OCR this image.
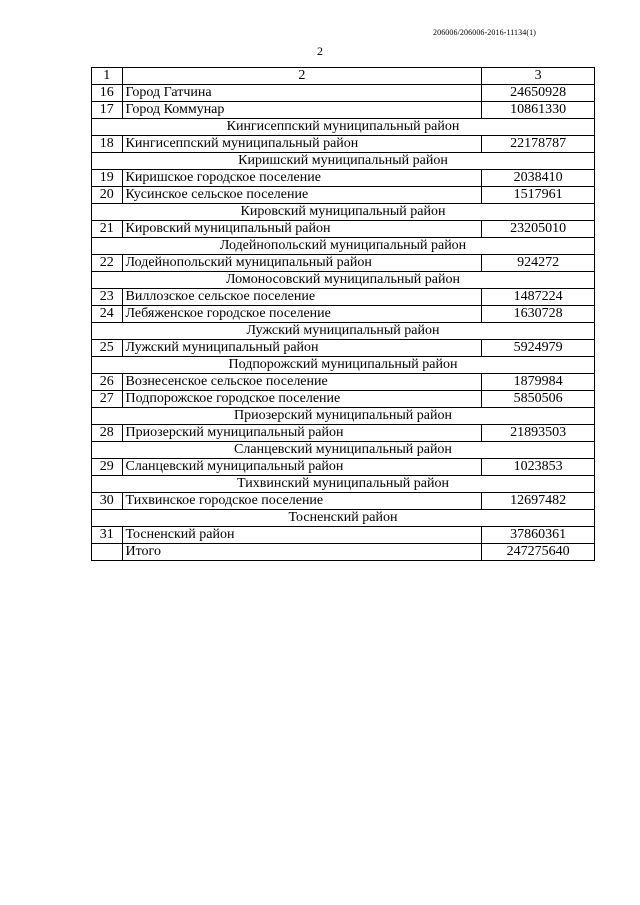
206006/206006-2016-11134(1)
2
1	2	3
16	Город Гатчина	24650928
17	Город Коммунар	10861330
Кингисеппский муниципальный район		
18	Кингисеппский муниципальный район	22178787
Киришский муниципальный район		
19	Киришское городское поселение	2038410
20	Кусинское сельское поселение	1517961
Кировский муниципальный район		
21	Кировский муниципальный район	23205010
Лодейнопольский муниципальный район		
22	Лодейнопольский муниципальный район	924272
Ломоносовский муниципальный район		
23	Виллозское сельское поселение	1487224
24	Лебяженское городское поселение	1630728
Лужский муниципальный район		
25	Лужский муниципальный район	5924979
Подпорожский муниципальный район		
26	Вознесенское сельское поселение	1879984
27	Подпорожское городское поселение	5850506
Приозерский муниципальный район		
28	Приозерский муниципальный район	21893503
Сланцевский муниципальный район		
29	Сланцевский муниципальный район	1023853
Тихвинский муниципальный район		
30	Тихвинское городское поселение	12697482
Тосненский район		
31	Тосненский район	37860361
	Итого	247275640
